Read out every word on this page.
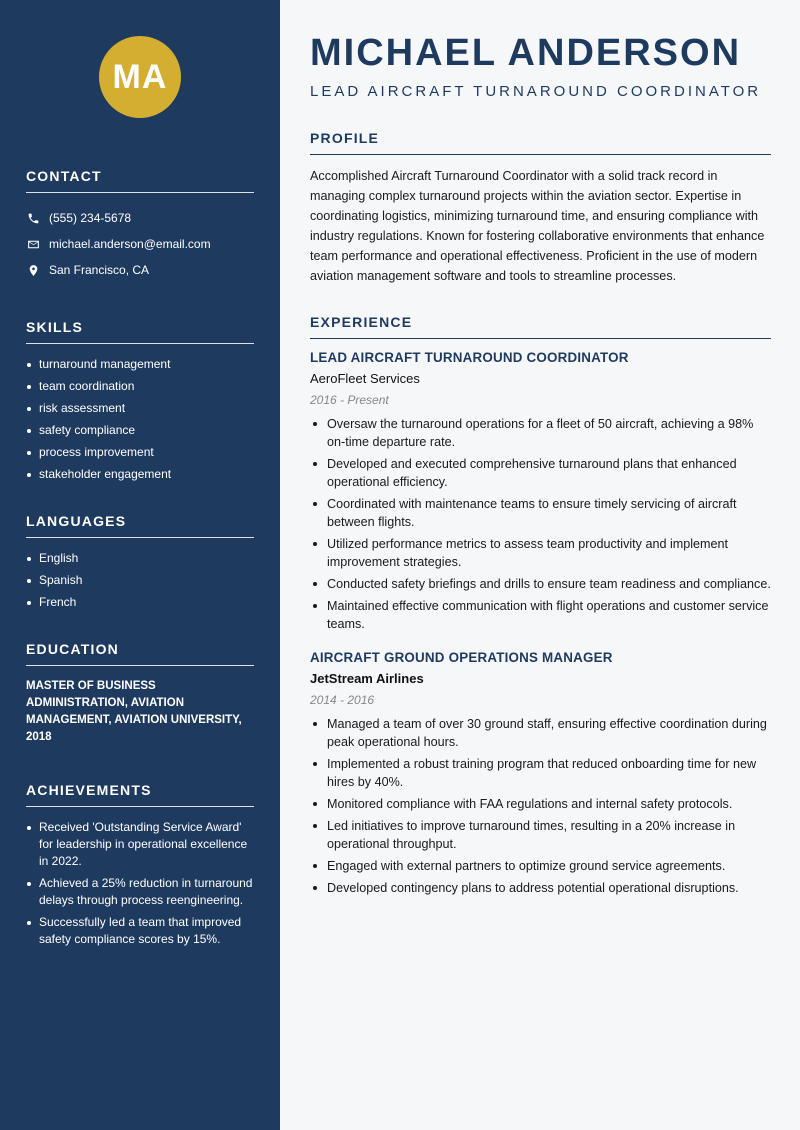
MA
CONTACT
(555) 234-5678
michael.anderson@email.com
San Francisco, CA
SKILLS
turnaround management
team coordination
risk assessment
safety compliance
process improvement
stakeholder engagement
LANGUAGES
English
Spanish
French
EDUCATION

MASTER OF BUSINESS ADMINISTRATION, AVIATION MANAGEMENT, AVIATION UNIVERSITY, 2018

ACHIEVEMENTS
Received 'Outstanding Service Award' for leadership in operational excellence in 2022.
Achieved a 25% reduction in turnaround delays through process reengineering.
Successfully led a team that improved safety compliance scores by 15%.
MICHAEL ANDERSON
LEAD AIRCRAFT TURNAROUND COORDINATOR
PROFILE

Accomplished Aircraft Turnaround Coordinator with a solid track record in managing complex turnaround projects within the aviation sector. Expertise in coordinating logistics, minimizing turnaround time, and ensuring compliance with industry regulations. Known for fostering collaborative environments that enhance team performance and operational effectiveness. Proficient in the use of modern aviation management software and tools to streamline processes.

EXPERIENCE
LEAD AIRCRAFT TURNAROUND COORDINATOR
AeroFleet Services
2016 - Present
Oversaw the turnaround operations for a fleet of 50 aircraft, achieving a 98% on-time departure rate.
Developed and executed comprehensive turnaround plans that enhanced operational efficiency.
Coordinated with maintenance teams to ensure timely servicing of aircraft between flights.
Utilized performance metrics to assess team productivity and implement improvement strategies.
Conducted safety briefings and drills to ensure team readiness and compliance.
Maintained effective communication with flight operations and customer service teams.
AIRCRAFT GROUND OPERATIONS MANAGER
JetStream Airlines
2014 - 2016
Managed a team of over 30 ground staff, ensuring effective coordination during peak operational hours.
Implemented a robust training program that reduced onboarding time for new hires by 40%.
Monitored compliance with FAA regulations and internal safety protocols.
Led initiatives to improve turnaround times, resulting in a 20% increase in operational throughput.
Engaged with external partners to optimize ground service agreements.
Developed contingency plans to address potential operational disruptions.
